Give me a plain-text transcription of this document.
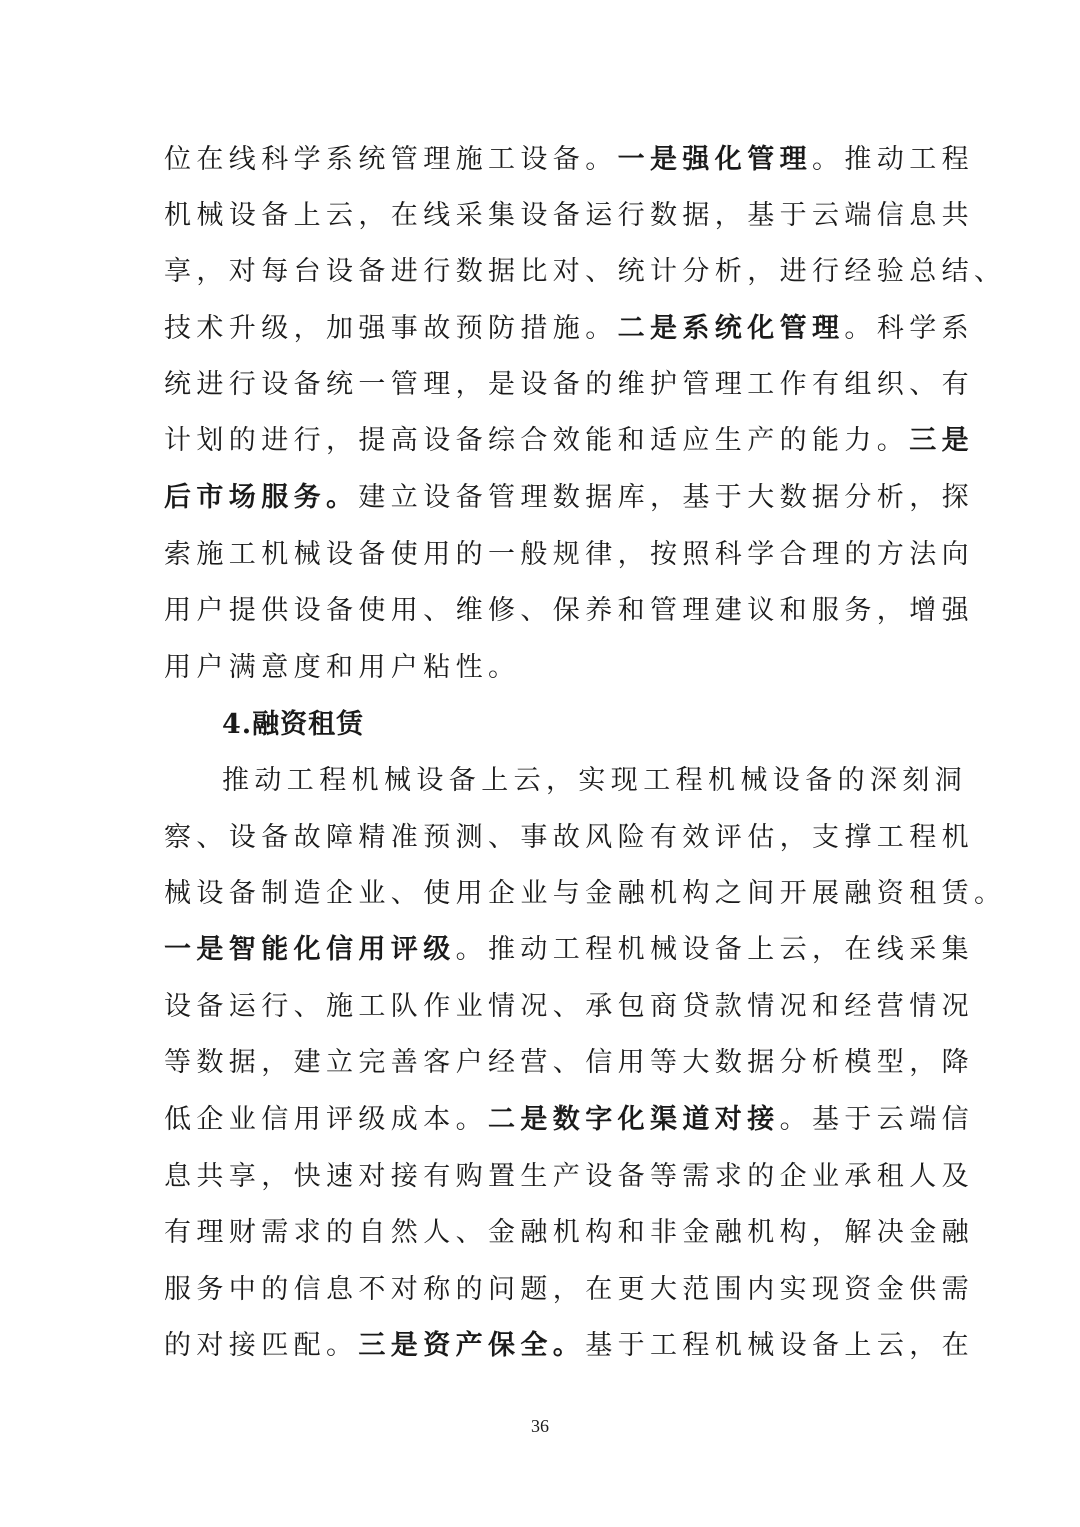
位在线科学系统管理施工设备。一是强化管理。推动工程
机械设备上云，在线采集设备运行数据，基于云端信息共
享，对每台设备进行数据比对、统计分析，进行经验总结、
技术升级，加强事故预防措施。二是系统化管理。科学系
统进行设备统一管理，是设备的维护管理工作有组织、有
计划的进行，提高设备综合效能和适应生产的能力。三是
后市场服务。建立设备管理数据库，基于大数据分析，探
索施工机械设备使用的一般规律，按照科学合理的方法向
用户提供设备使用、维修、保养和管理建议和服务，增强
用户满意度和用户粘性。
4.融资租赁
推动工程机械设备上云，实现工程机械设备的深刻洞
察、设备故障精准预测、事故风险有效评估，支撑工程机
械设备制造企业、使用企业与金融机构之间开展融资租赁。
一是智能化信用评级。推动工程机械设备上云，在线采集
设备运行、施工队作业情况、承包商贷款情况和经营情况
等数据，建立完善客户经营、信用等大数据分析模型，降
低企业信用评级成本。二是数字化渠道对接。基于云端信
息共享，快速对接有购置生产设备等需求的企业承租人及
有理财需求的自然人、金融机构和非金融机构，解决金融
服务中的信息不对称的问题，在更大范围内实现资金供需
的对接匹配。三是资产保全。基于工程机械设备上云，在
36
